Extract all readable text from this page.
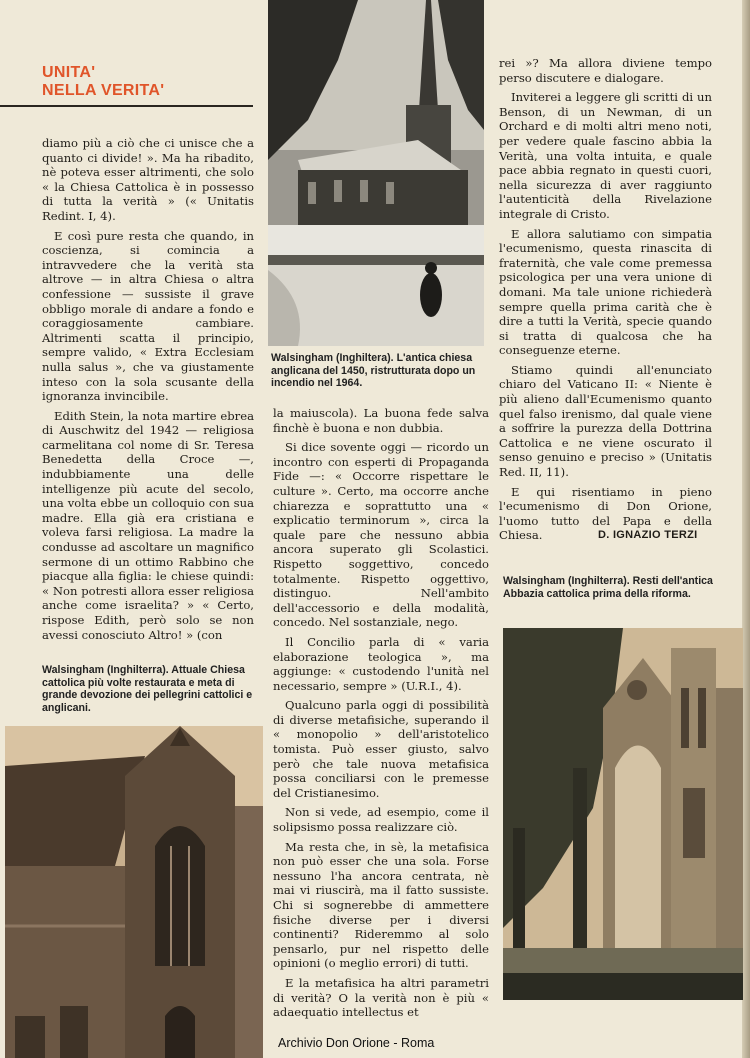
UNITA'
NELLA VERITA'

diamo più a ciò che ci unisce che a quanto ci divide! ». Ma ha ribadito, nè poteva esser altrimenti, che solo « la Chiesa Cattolica è in possesso di tutta la verità » (« Unitatis Redint. I, 4).

E così pure resta che quando, in coscienza, si comincia a intravvedere che la verità sta altrove — in altra Chiesa o altra confessione — sussiste il grave obbligo morale di andare a fondo e coraggiosamente cambiare. Altrimenti scatta il principio, sempre valido, « Extra Ecclesiam nulla salus », che va giustamente inteso con la sola scusante della ignoranza invincibile.

Edith Stein, la nota martire ebrea di Auschwitz del 1942 — religiosa carmelitana col nome di Sr. Teresa Benedetta della Croce —, indubbiamente una delle intelligenze più acute del secolo, una volta ebbe un colloquio con sua madre. Ella già era cristiana e voleva farsi religiosa. La madre la condusse ad ascoltare un magnifico sermone di un ottimo Rabbino che piacque alla figlia: le chiese quindi: « Non potresti allora esser religiosa anche come israelita? » « Certo, rispose Edith, però solo se non avessi conosciuto Altro! » (con

la maiuscola). La buona fede salva finchè è buona e non dubbia.

Si dice sovente oggi — ricordo un incontro con esperti di Propaganda Fide —: « Occorre rispettare le culture ». Certo, ma occorre anche chiarezza e soprattutto una « explicatio terminorum », circa la quale pare che nessuno abbia ancora superato gli Scolastici. Rispetto soggettivo, concedo totalmente. Rispetto oggettivo, distinguo. Nell'ambito dell'accessorio e della modalità, concedo. Nel sostanziale, nego.

Il Concilio parla di « varia elaborazione teologica », ma aggiunge: « custodendo l'unità nel necessario, sempre » (U.R.I., 4).

Qualcuno parla oggi di possibilità di diverse metafisiche, superando il « monopolio » dell'aristotelico tomista. Può esser giusto, salvo però che tale nuova metafisica possa conciliarsi con le premesse del Cristianesimo.

Non si vede, ad esempio, come il solipsismo possa realizzare ciò.

Ma resta che, in sè, la metafisica non può esser che una sola. Forse nessuno l'ha ancora centrata, nè mai vi riuscirà, ma il fatto sussiste. Chi si sognerebbe di ammettere fisiche diverse per i diversi continenti? Rideremmo al solo pensarlo, pur nel rispetto delle opinioni (o meglio errori) di tutti.

E la metafisica ha altri parametri di verità? O la verità non è più « adaequatio intellectus et

rei »? Ma allora diviene tempo perso discutere e dialogare.

Inviterei a leggere gli scritti di un Benson, di un Newman, di un Orchard e di molti altri meno noti, per vedere quale fascino abbia la Verità, una volta intuita, e quale pace abbia regnato in questi cuori, nella sicurezza di aver raggiunto l'autenticità della Rivelazione integrale di Cristo.

E allora salutiamo con simpatia l'ecumenismo, questa rinascita di fraternità, che vale come premessa psicologica per una vera unione di domani. Ma tale unione richiederà sempre quella prima carità che è dire a tutti la Verità, specie quando si tratta di qualcosa che ha conseguenze eterne.

Stiamo quindi all'enunciato chiaro del Vaticano II: « Niente è più alieno dall'Ecumenismo quanto quel falso irenismo, dal quale viene a soffrire la purezza della Dottrina Cattolica e ne viene oscurato il senso genuino e preciso » (Unitatis Red. II, 11).

E qui risentiamo in pieno l'ecumenismo di Don Orione, l'uomo tutto del Papa e della Chiesa.	D. IGNAZIO TERZI
Walsingham (Inghiltera). L'antica chiesa anglicana del 1450, ristrutturata dopo un incendio nel 1964.
Walsingham (Inghilterra). Attuale Chiesa cattolica più volte restaurata e meta di grande devozione dei pellegrini cattolici e anglicani.
Walsingham (Inghilterra). Resti dell'antica Abbazia cattolica prima della riforma.
Archivio Don Orione - Roma
